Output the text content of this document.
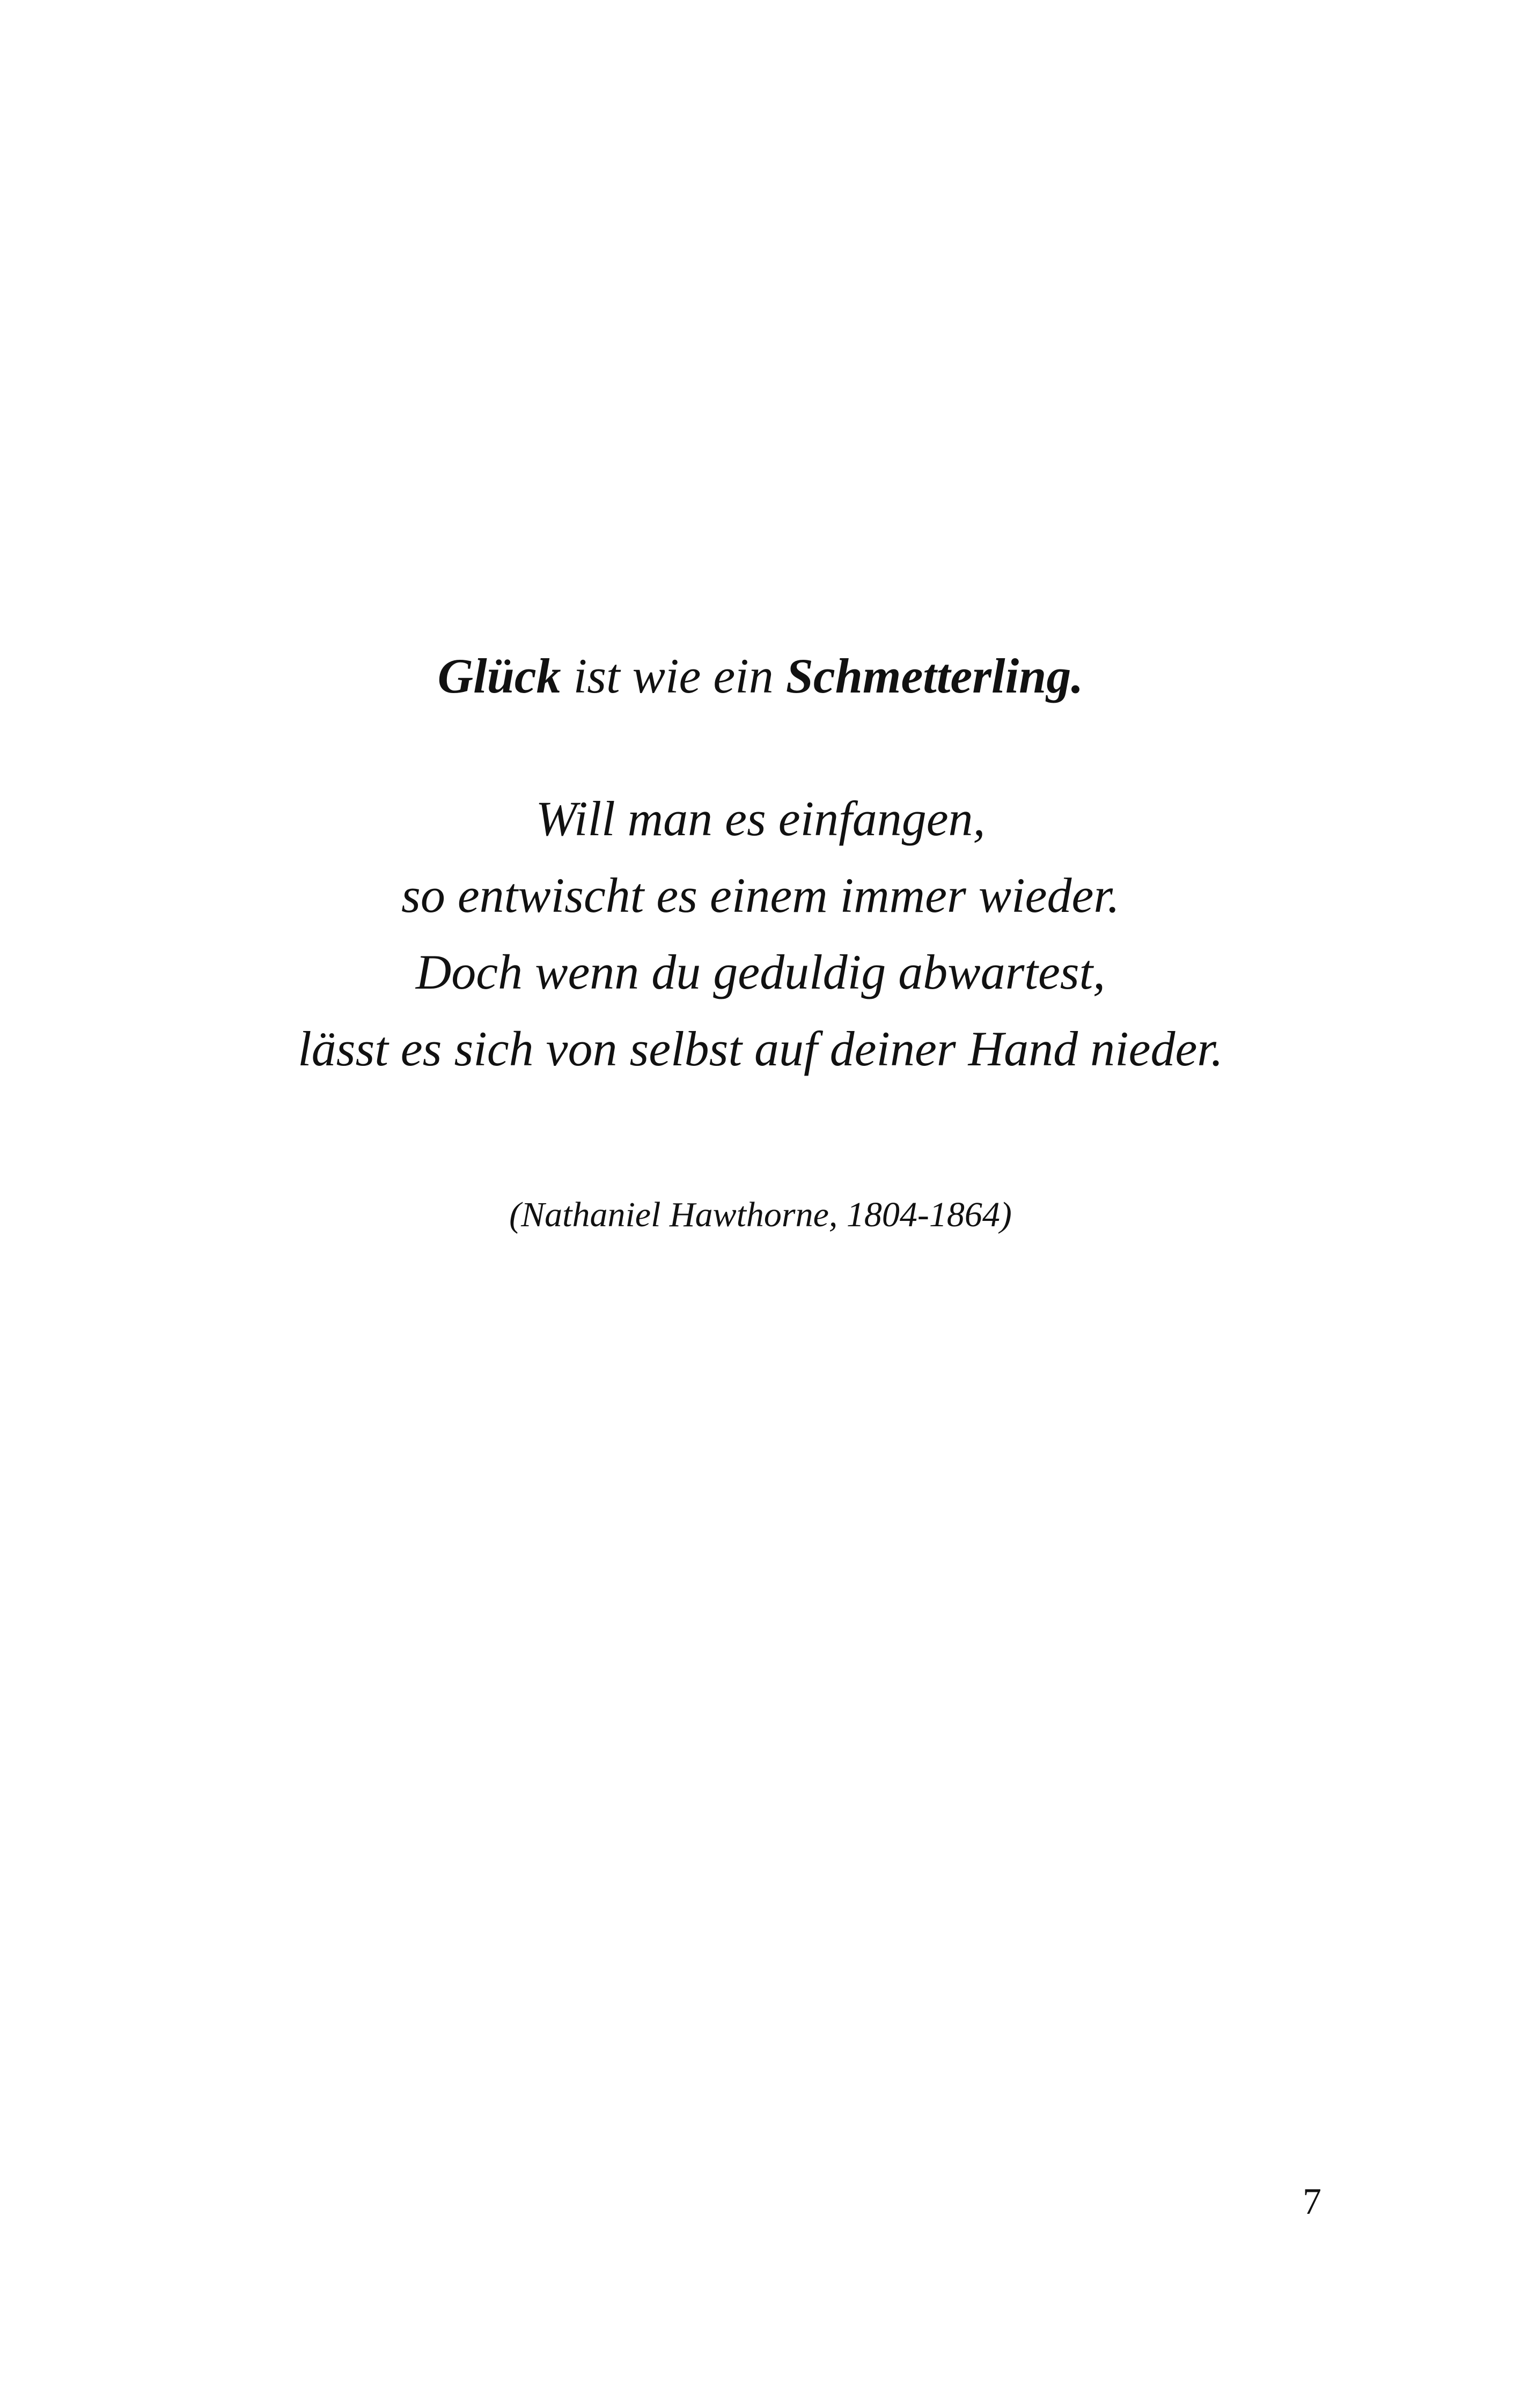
Glück ist wie ein Schmetterling.
Will man es einfangen,
so entwischt es einem immer wieder.
Doch wenn du geduldig abwartest,
lässt es sich von selbst auf deiner Hand nieder.
(Nathaniel Hawthorne, 1804-1864)
7
